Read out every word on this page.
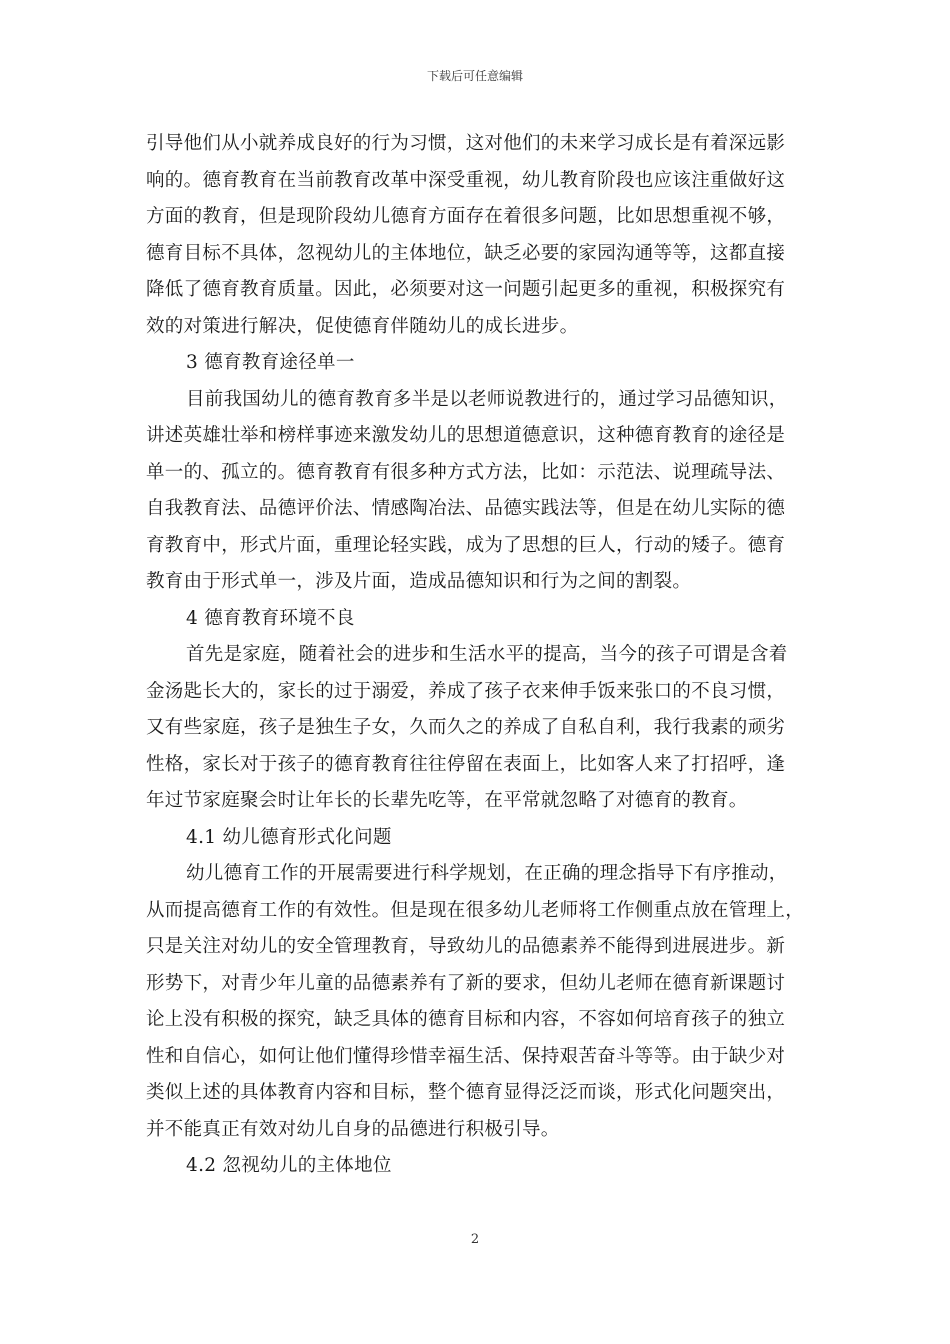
下载后可任意编辑
引导他们从小就养成良好的行为习惯，这对他们的未来学习成长是有着深远影
响的。德育教育在当前教育改革中深受重视，幼儿教育阶段也应该注重做好这
方面的教育，但是现阶段幼儿德育方面存在着很多问题，比如思想重视不够，
德育目标不具体，忽视幼儿的主体地位，缺乏必要的家园沟通等等，这都直接
降低了德育教育质量。因此，必须要对这一问题引起更多的重视，积极探究有
效的对策进行解决，促使德育伴随幼儿的成长进步。
3 德育教育途径单一
目前我国幼儿的德育教育多半是以老师说教进行的，通过学习品德知识，
讲述英雄壮举和榜样事迹来激发幼儿的思想道德意识，这种德育教育的途径是
单一的、孤立的。德育教育有很多种方式方法，比如：示范法、说理疏导法、
自我教育法、品德评价法、情感陶冶法、品德实践法等，但是在幼儿实际的德
育教育中，形式片面，重理论轻实践，成为了思想的巨人，行动的矮子。德育
教育由于形式单一，涉及片面，造成品德知识和行为之间的割裂。
4 德育教育环境不良
首先是家庭，随着社会的进步和生活水平的提高，当今的孩子可谓是含着
金汤匙长大的，家长的过于溺爱，养成了孩子衣来伸手饭来张口的不良习惯，
又有些家庭，孩子是独生子女，久而久之的养成了自私自利，我行我素的顽劣
性格，家长对于孩子的德育教育往往停留在表面上，比如客人来了打招呼，逢
年过节家庭聚会时让年长的长辈先吃等，在平常就忽略了对德育的教育。
4.1 幼儿德育形式化问题
幼儿德育工作的开展需要进行科学规划，在正确的理念指导下有序推动，
从而提高德育工作的有效性。但是现在很多幼儿老师将工作侧重点放在管理上，
只是关注对幼儿的安全管理教育，导致幼儿的品德素养不能得到进展进步。新
形势下，对青少年儿童的品德素养有了新的要求，但幼儿老师在德育新课题讨
论上没有积极的探究，缺乏具体的德育目标和内容，不容如何培育孩子的独立
性和自信心，如何让他们懂得珍惜幸福生活、保持艰苦奋斗等等。由于缺少对
类似上述的具体教育内容和目标，整个德育显得泛泛而谈，形式化问题突出，
并不能真正有效对幼儿自身的品德进行积极引导。
4.2 忽视幼儿的主体地位
2
